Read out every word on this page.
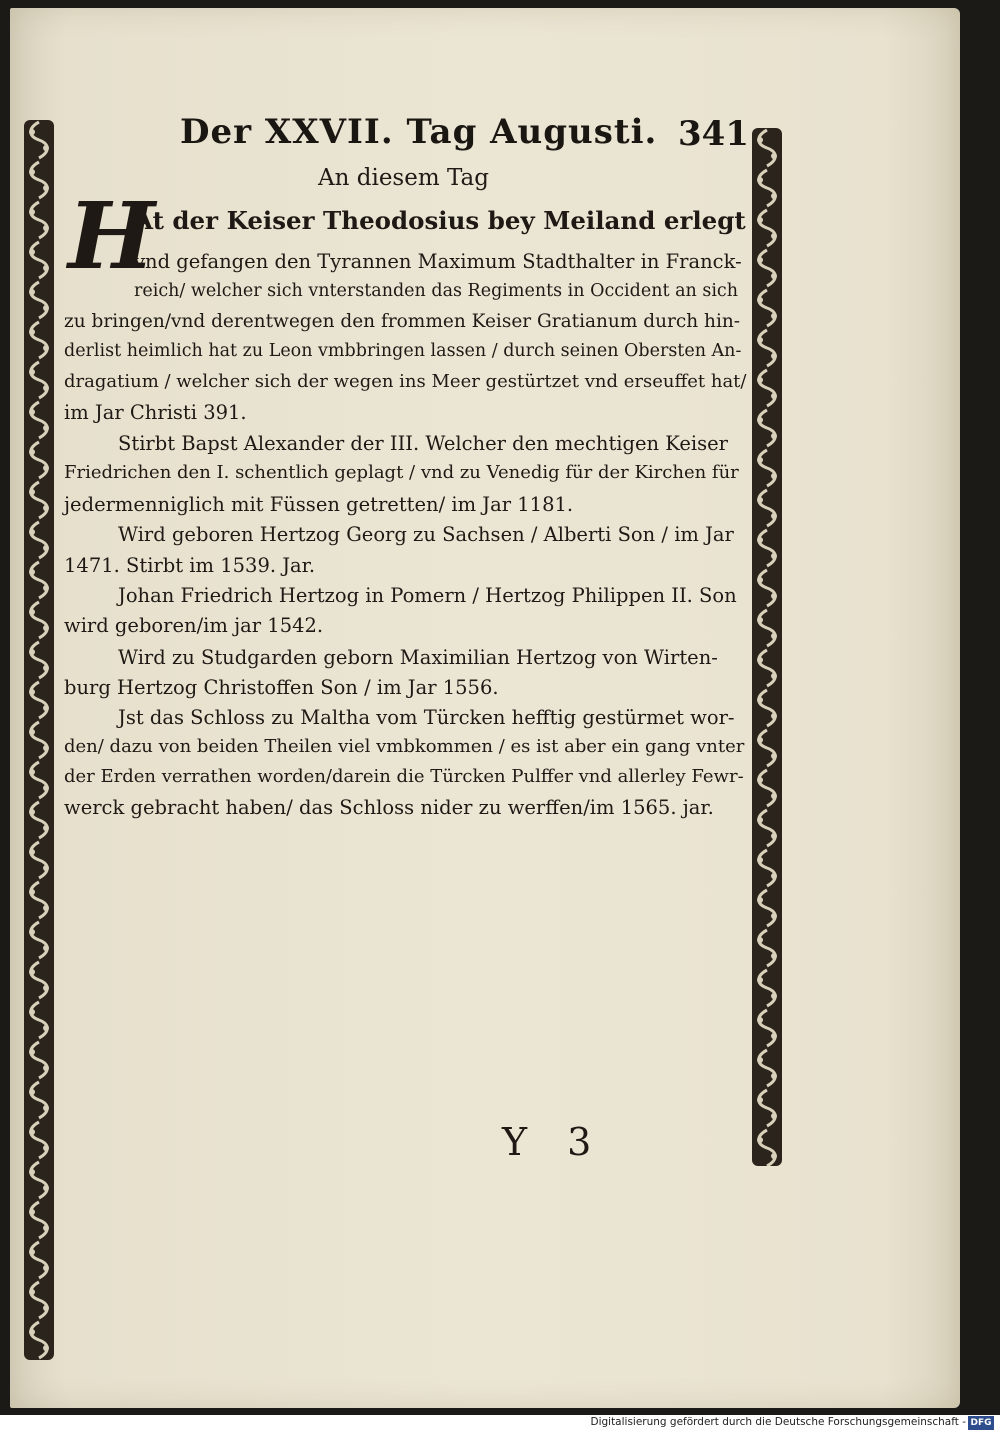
Der XXVII. Tag Augusti. 341
An diesem Tag
H
At der Keiser Theodosius bey Meiland erlegt
vnd gefangen den Tyrannen Maximum Stadthalter in Franck-
reich/ welcher sich vnterstanden das Regiments in Occident an sich
zu bringen/vnd derentwegen den frommen Keiser Gratianum durch hin-
derlist heimlich hat zu Leon vmbbringen lassen / durch seinen Obersten An-
dragatium / welcher sich der wegen ins Meer gestürtzet vnd erseuffet hat/
im Jar Christi 391.
Stirbt Bapst Alexander der III. Welcher den mechtigen Keiser
Friedrichen den I. schentlich geplagt / vnd zu Venedig für der Kirchen für
jedermenniglich mit Füssen getretten/ im Jar 1181.
Wird geboren Hertzog Georg zu Sachsen / Alberti Son / im Jar
1471. Stirbt im 1539. Jar.
Johan Friedrich Hertzog in Pomern / Hertzog Philippen II. Son
wird geboren/im jar 1542.
Wird zu Studgarden geborn Maximilian Hertzog von Wirten-
burg Hertzog Christoffen Son / im Jar 1556.
Jst das Schloss zu Maltha vom Türcken hefftig gestürmet wor-
den/ dazu von beiden Theilen viel vmbkommen / es ist aber ein gang vnter
der Erden verrathen worden/darein die Türcken Pulffer vnd allerley Fewr-
werck gebracht haben/ das Schloss nider zu werffen/im 1565. jar.
Y 3
Digitalisierung gefördert durch die Deutsche Forschungsgemeinschaft - DFG
